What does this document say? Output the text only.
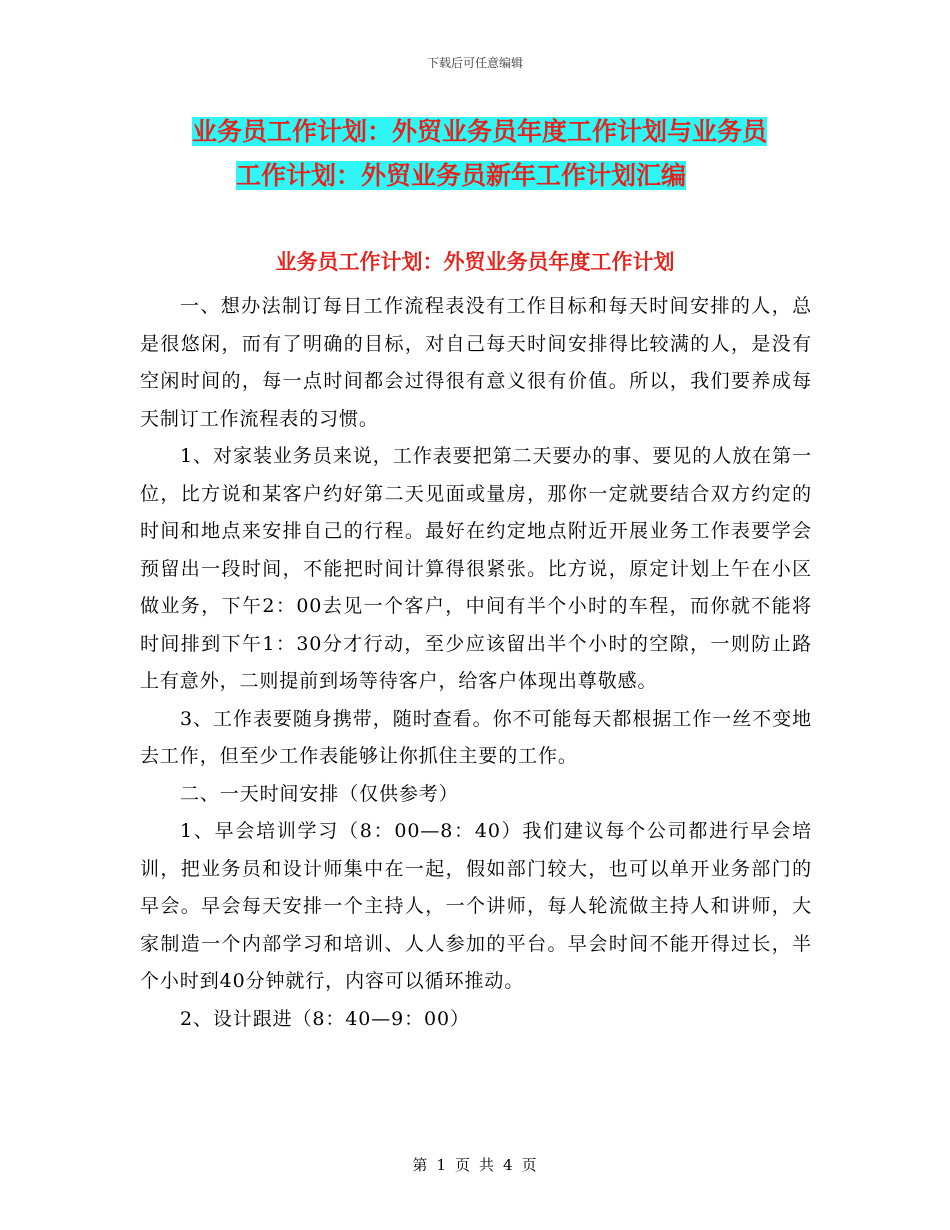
下载后可任意编辑
业务员工作计划：外贸业务员年度工作计划与业务员
工作计划：外贸业务员新年工作计划汇编
业务员工作计划：外贸业务员年度工作计划

一、想办法制订每日工作流程表没有工作目标和每天时间安排的人，总是很悠闲，而有了明确的目标，对自己每天时间安排得比较满的人，是没有空闲时间的，每一点时间都会过得很有意义很有价值。所以，我们要养成每天制订工作流程表的习惯。

1、对家装业务员来说，工作表要把第二天要办的事、要见的人放在第一位，比方说和某客户约好第二天见面或量房，那你一定就要结合双方约定的时间和地点来安排自己的行程。最好在约定地点附近开展业务工作表要学会预留出一段时间，不能把时间计算得很紧张。比方说，原定计划上午在小区做业务，下午2：00去见一个客户，中间有半个小时的车程，而你就不能将时间排到下午1：30分才行动，至少应该留出半个小时的空隙，一则防止路上有意外，二则提前到场等待客户，给客户体现出尊敬感。

3、工作表要随身携带，随时查看。你不可能每天都根据工作一丝不变地去工作，但至少工作表能够让你抓住主要的工作。

二、一天时间安排（仅供参考）

1、早会培训学习（8：00—8：40）我们建议每个公司都进行早会培训，把业务员和设计师集中在一起，假如部门较大，也可以单开业务部门的早会。早会每天安排一个主持人，一个讲师，每人轮流做主持人和讲师，大家制造一个内部学习和培训、人人参加的平台。早会时间不能开得过长，半个小时到40分钟就行，内容可以循环推动。

2、设计跟进（8：40—9：00）

第 1 页 共 4 页
